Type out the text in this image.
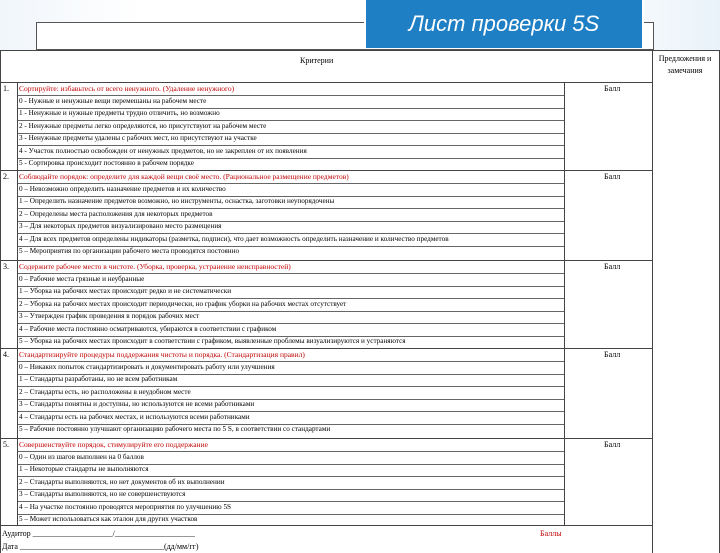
Лист проверки 5S
Критерии	Предложения и
замечания
1.	Сортируйте: избавьтесь от всего ненужного. (Удаление ненужного)	Балл
0 - Нужные и ненужные вещи перемешаны на рабочем месте
1 - Ненужные и нужные предметы трудно отличить, но возможно
2 - Ненужные предметы легко определяются, но присутствуют на рабочем месте
3 - Ненужные предметы удалены с рабочих мест, но присутствуют на участке
4 - Участок полностью освобожден от ненужных предметов, но не закреплен от их появления
5 - Сортировка происходит постоянно в рабочем порядке
2.	Соблюдайте порядок: определите для каждой вещи своё место. (Рациональное размещение предметов)	Балл
0 – Невозможно определить назначение предметов и их количество
1 – Определить назначение предметов возможно, но инструменты, оснастка, заготовки неупорядочены
2 – Определены места расположения для некоторых предметов
3 – Для некоторых предметов визуализировано место размещения
4 – Для всех предметов определены индикаторы (разметка, подписи), что дает возможность определить назначение и количество предметов
5 – Мероприятия по организации рабочего места проводятся постоянно
3.	Содержите рабочее место в чистоте. (Уборка, проверка, устранение неисправностей)	Балл
0 – Рабочие места грязные и неубранные
1 – Уборка на рабочих местах происходит редко и не систематически
2 – Уборка на рабочих местах происходит периодически, но график уборки на рабочих местах отсутствует
3 – Утвержден график проведения в порядок рабочих мест
4 – Рабочие места постоянно осматриваются, убираются в соответствии с графиком
5 – Уборка на рабочих местах происходит в соответствии с графиком, выявленные проблемы визуализируются и устраняются
4.	Стандартизируйте процедуры поддержания чистоты и порядка. (Стандартизация правил)	Балл
0 – Никаких попыток стандартизировать и документировать работу или улучшения
1 – Стандарты разработаны, но не всем работникам
2 – Стандарты есть, но расположены в неудобном месте
3 – Стандарты понятны и доступны, но используются не всеми работниками
4 – Стандарты есть на рабочих местах, и используются всеми работниками
5 – Рабочие постоянно улучшают организацию рабочего места по 5 S, в соответствии со стандартами
5.	Совершенствуйте порядок, стимулируйте его поддержание	Балл
0 – Один из шагов выполнен на 0 баллов
1 – Некоторые стандарты не выполняются
2 – Стандарты выполняются, но нет документов об их выполнении
3 – Стандарты выполняются, но не совершенствуются
4 – На участке постоянно проводятся мероприятия по улучшению 5S
5 – Может использоваться как эталон для других участков
Аудитор ____________________/____________________	Баллы
Дата ____________________________________(дд/мм/гг)
